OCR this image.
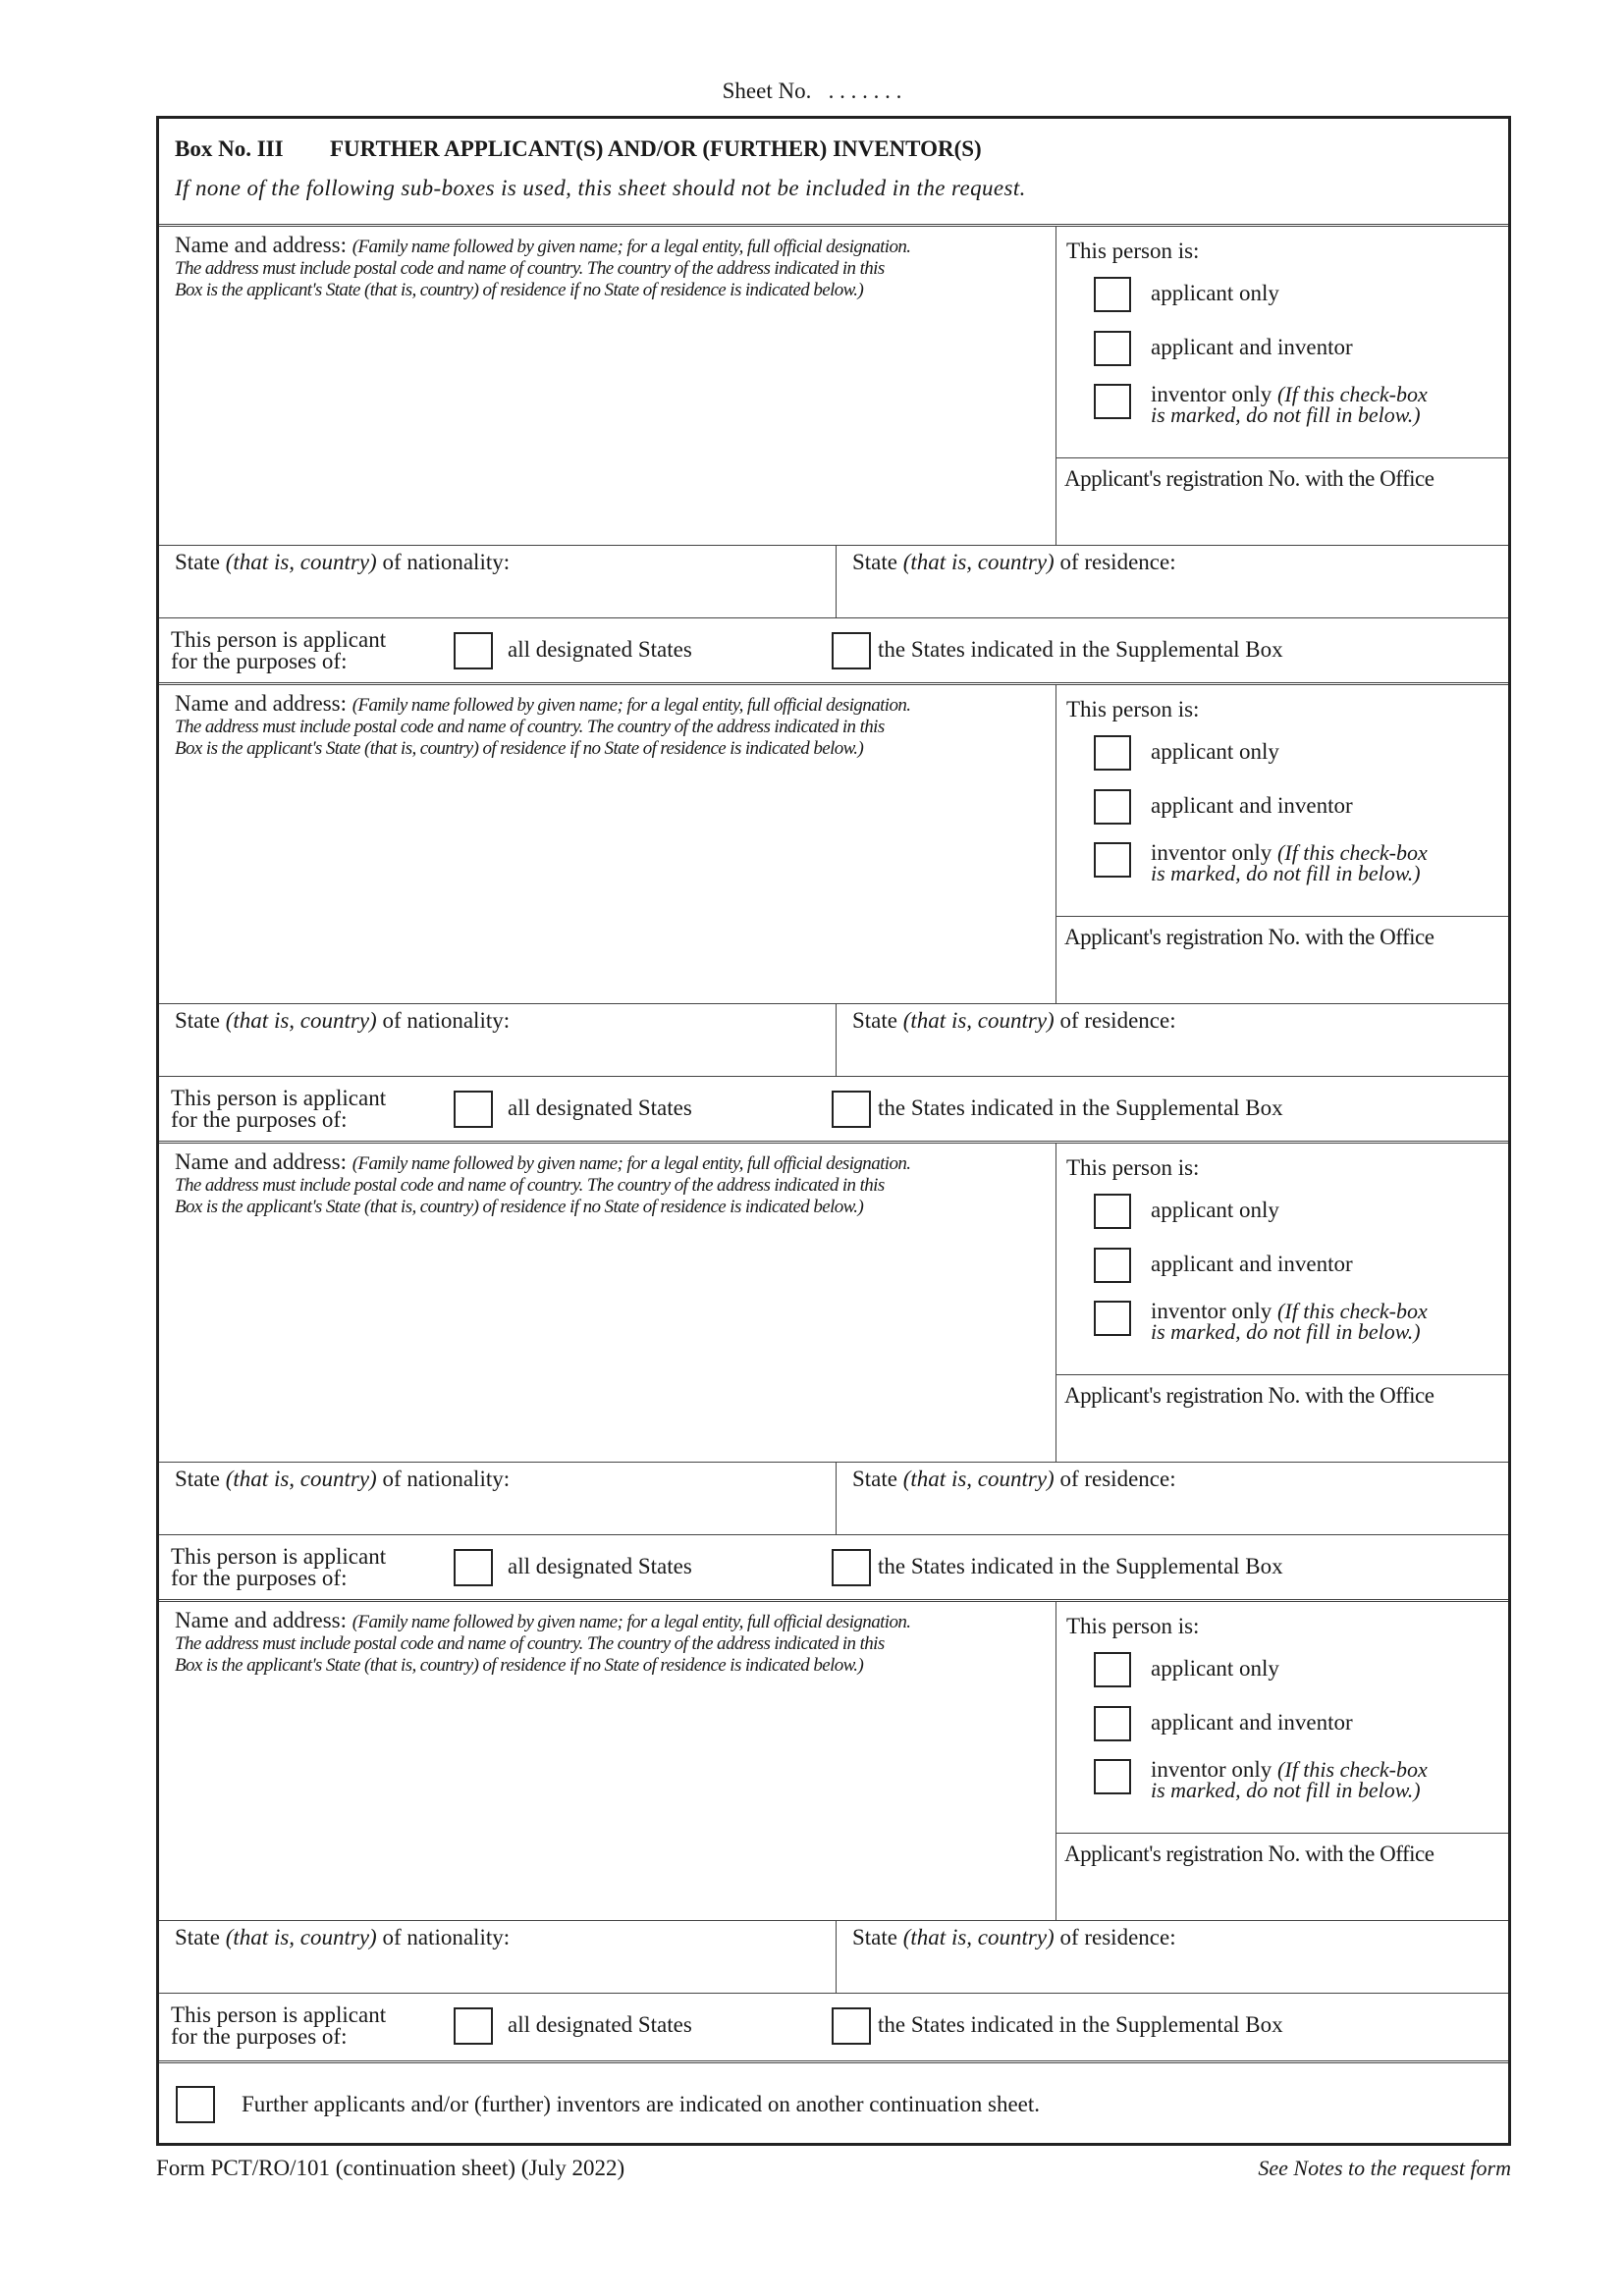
Sheet No. . . . . . . .
Box No. III FURTHER APPLICANT(S) AND/OR (FURTHER) INVENTOR(S)
If none of the following sub-boxes is used, this sheet should not be included in the request.
Name and address: (Family name followed by given name; for a legal entity, full official designation.
The address must include postal code and name of country. The country of the address indicated in this
Box is the applicant's State (that is, country) of residence if no State of residence is indicated below.)
This person is:
applicant only
applicant and inventor
inventor only (If this check-box
is marked, do not fill in below.)
Applicant's registration No. with the Office
State (that is, country) of nationality:	State (that is, country) of residence:
This person is applicant
for the purposes of:	all designated States	the States indicated in the Supplemental Box
Name and address: (Family name followed by given name; for a legal entity, full official designation.
The address must include postal code and name of country. The country of the address indicated in this
Box is the applicant's State (that is, country) of residence if no State of residence is indicated below.)
This person is:
applicant only
applicant and inventor
inventor only (If this check-box
is marked, do not fill in below.)
Applicant's registration No. with the Office
State (that is, country) of nationality:	State (that is, country) of residence:
This person is applicant
for the purposes of:	all designated States	the States indicated in the Supplemental Box
Name and address: (Family name followed by given name; for a legal entity, full official designation.
The address must include postal code and name of country. The country of the address indicated in this
Box is the applicant's State (that is, country) of residence if no State of residence is indicated below.)
This person is:
applicant only
applicant and inventor
inventor only (If this check-box
is marked, do not fill in below.)
Applicant's registration No. with the Office
State (that is, country) of nationality:	State (that is, country) of residence:
This person is applicant
for the purposes of:	all designated States	the States indicated in the Supplemental Box
Name and address: (Family name followed by given name; for a legal entity, full official designation.
The address must include postal code and name of country. The country of the address indicated in this
Box is the applicant's State (that is, country) of residence if no State of residence is indicated below.)
This person is:
applicant only
applicant and inventor
inventor only (If this check-box
is marked, do not fill in below.)
Applicant's registration No. with the Office
State (that is, country) of nationality:	State (that is, country) of residence:
This person is applicant
for the purposes of:	all designated States	the States indicated in the Supplemental Box
Further applicants and/or (further) inventors are indicated on another continuation sheet.
Form PCT/RO/101 (continuation sheet) (July 2022)	See Notes to the request form
